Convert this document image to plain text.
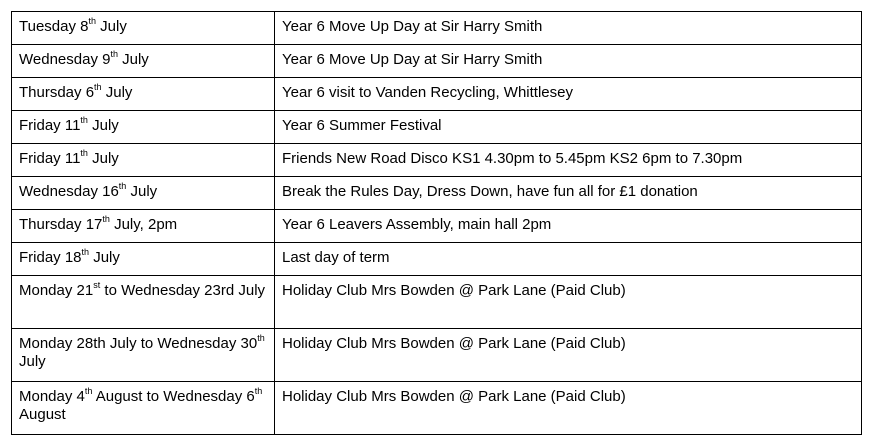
Tuesday 8th July	Year 6 Move Up Day at Sir Harry Smith
Wednesday 9th July	Year 6 Move Up Day at Sir Harry Smith
Thursday 6th July	Year 6 visit to Vanden Recycling, Whittlesey
Friday 11th July	Year 6 Summer Festival
Friday 11th July	Friends New Road Disco KS1 4.30pm to 5.45pm KS2 6pm to 7.30pm
Wednesday 16th July	Break the Rules Day, Dress Down, have fun all for £1 donation
Thursday 17th July, 2pm	Year 6 Leavers Assembly, main hall 2pm
Friday 18th July	Last day of term
Monday 21st to Wednesday 23rd July	Holiday Club Mrs Bowden @ Park Lane (Paid Club)
Monday 28th July to Wednesday 30th July	Holiday Club Mrs Bowden @ Park Lane (Paid Club)
Monday 4th August to Wednesday 6th August	Holiday Club Mrs Bowden @ Park Lane (Paid Club)
